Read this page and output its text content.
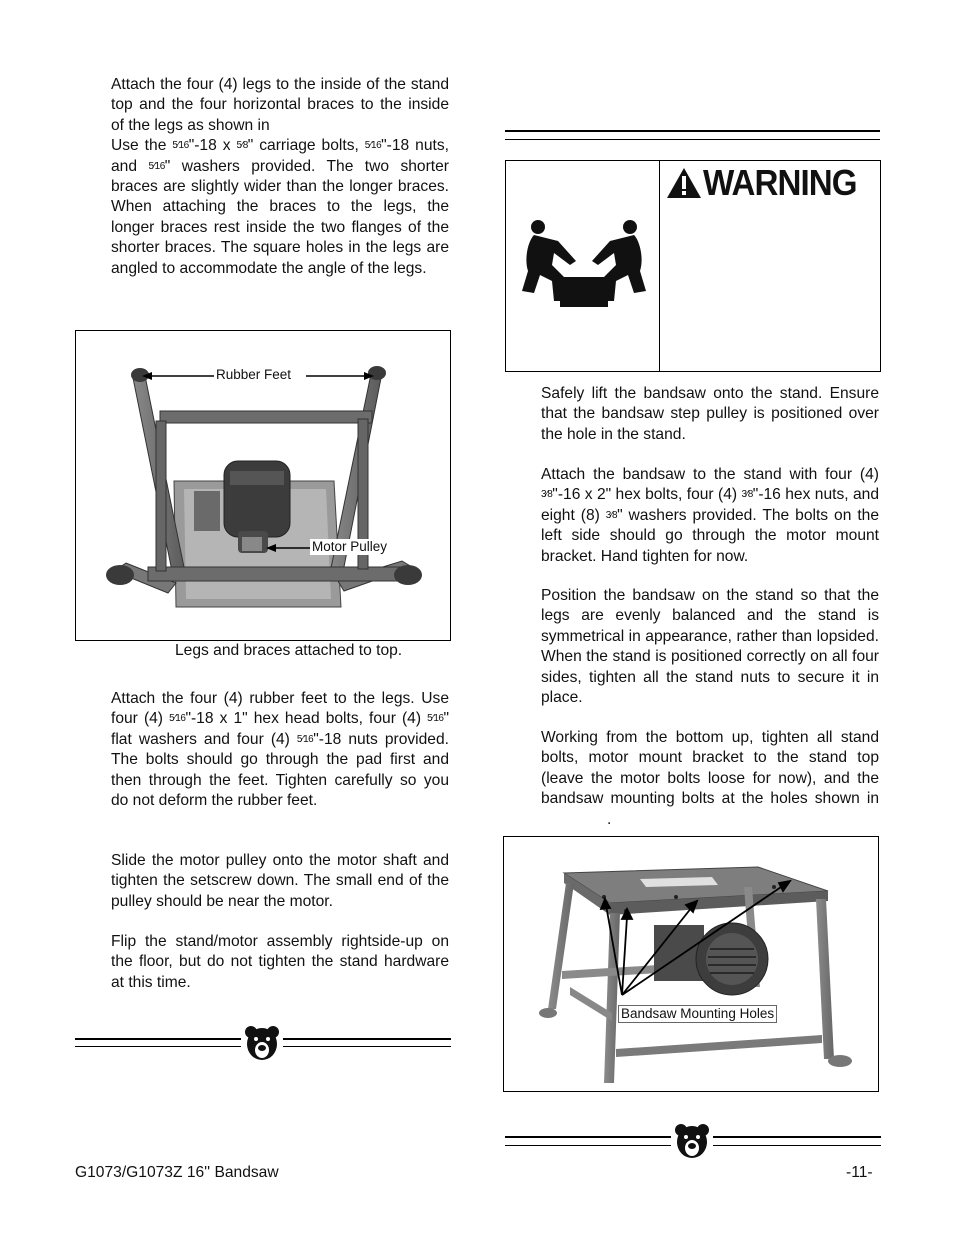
Attach the four (4) legs to the inside of the stand top and the four horizontal braces to the inside of the legs as shown in
Use the 5⁄16"-18 x 5⁄8" carriage bolts, 5⁄16"-18 nuts, and 5⁄16" washers provided. The two shorter braces are slightly wider than the longer braces. When attaching the braces to the legs, the longer braces rest inside the two flanges of the shorter braces. The square holes in the legs are angled to accommodate the angle of the legs.

Rubber Feet
Motor Pulley
Legs and braces attached to top.

Attach the four (4) rubber feet to the legs. Use four (4) 5⁄16"-18 x 1" hex head bolts, four (4) 5⁄16" flat washers and four (4) 5⁄16"-18 nuts provided. The bolts should go through the pad first and then through the feet. Tighten carefully so you do not deform the rubber feet.

Slide the motor pulley onto the motor shaft and tighten the setscrew down. The small end of the pulley should be near the motor.

Flip the stand/motor assembly rightside-up on the floor, but do not tighten the stand hardware at this time.

WARNING

Safely lift the bandsaw onto the stand. Ensure that the bandsaw step pulley is positioned over the hole in the stand.

Attach the bandsaw to the stand with four (4) 3⁄8"-16 x 2" hex bolts, four (4) 3⁄8"-16 hex nuts, and eight (8) 3⁄8" washers provided. The bolts on the left side should go through the motor mount bracket. Hand tighten for now.

Position the bandsaw on the stand so that the legs are evenly balanced and the stand is symmetrical in appearance, rather than lopsided. When the stand is positioned correctly on all four sides, tighten all the stand nuts to secure it in place.

Working from the bottom up, tighten all stand bolts, motor mount bracket to the stand top (leave the motor bolts loose for now), and the bandsaw mounting bolts at the holes shown in.

Bandsaw Mounting Holes
G1073/G1073Z 16'' Bandsaw	-11-
